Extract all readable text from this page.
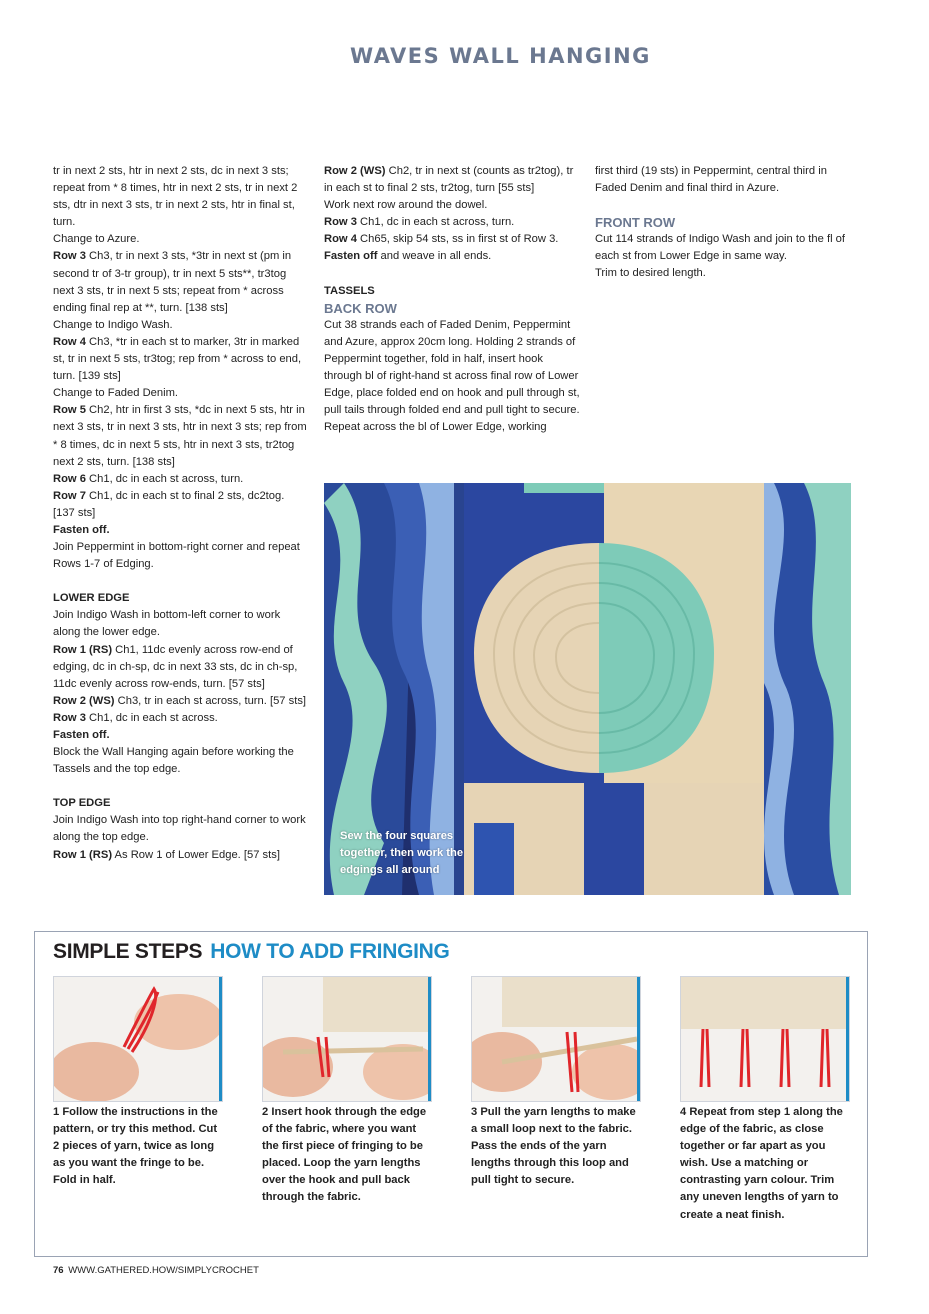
WAVES WALL HANGING

tr in next 2 sts, htr in next 2 sts, dc in next 3 sts; repeat from * 8 times, htr in next 2 sts, tr in next 2 sts, dtr in next 3 sts, tr in next 2 sts, htr in final st, turn.

Change to Azure.

Row 3 Ch3, tr in next 3 sts, *3tr in next st (pm in second tr of 3-tr group), tr in next 5 sts**, tr3tog next 3 sts, tr in next 5 sts; repeat from * across ending final rep at **, turn. [138 sts]

Change to Indigo Wash.

Row 4 Ch3, *tr in each st to marker, 3tr in marked st, tr in next 5 sts, tr3tog; rep from * across to end, turn. [139 sts]

Change to Faded Denim.

Row 5 Ch2, htr in first 3 sts, *dc in next 5 sts, htr in next 3 sts, tr in next 3 sts, htr in next 3 sts; rep from * 8 times, dc in next 5 sts, htr in next 3 sts, tr2tog next 2 sts, turn. [138 sts]

Row 6 Ch1, dc in each st across, turn.

Row 7 Ch1, dc in each st to final 2 sts, dc2tog. [137 sts]

Fasten off.

Join Peppermint in bottom-right corner and repeat Rows 1-7 of Edging.

LOWER EDGE

Join Indigo Wash in bottom-left corner to work along the lower edge.

Row 1 (RS) Ch1, 11dc evenly across row-end of edging, dc in ch-sp, dc in next 33 sts, dc in ch-sp, 11dc evenly across row-ends, turn. [57 sts]

Row 2 (WS) Ch3, tr in each st across, turn. [57 sts]

Row 3 Ch1, dc in each st across.

Fasten off.

Block the Wall Hanging again before working the Tassels and the top edge.

TOP EDGE

Join Indigo Wash into top right-hand corner to work along the top edge.

Row 1 (RS) As Row 1 of Lower Edge. [57 sts]

Row 2 (WS) Ch2, tr in next st (counts as tr2tog), tr in each st to final 2 sts, tr2tog, turn [55 sts]

Work next row around the dowel.

Row 3 Ch1, dc in each st across, turn.

Row 4 Ch65, skip 54 sts, ss in first st of Row 3.

Fasten off and weave in all ends.

TASSELS

BACK ROW

Cut 38 strands each of Faded Denim, Peppermint and Azure, approx 20cm long. Holding 2 strands of Peppermint together, fold in half, insert hook through bl of right-hand st across final row of Lower Edge, place folded end on hook and pull through st, pull tails through folded end and pull tight to secure. Repeat across the bl of Lower Edge, working

first third (19 sts) in Peppermint, central third in Faded Denim and final third in Azure.

FRONT ROW

Cut 114 strands of Indigo Wash and join to the fl of each st from Lower Edge in same way.

Trim to desired length.

Sew the four squares together, then work the edgings all around
SIMPLE STEPS HOW TO ADD FRINGING
1 Follow the instructions in the pattern, or try this method. Cut 2 pieces of yarn, twice as long as you want the fringe to be. Fold in half.
2 Insert hook through the edge of the fabric, where you want the first piece of fringing to be placed. Loop the yarn lengths over the hook and pull back through the fabric.
3 Pull the yarn lengths to make a small loop next to the fabric. Pass the ends of the yarn lengths through this loop and pull tight to secure.
4 Repeat from step 1 along the edge of the fabric, as close together or far apart as you wish. Use a matching or contrasting yarn colour. Trim any uneven lengths of yarn to create a neat finish.
76 WWW.GATHERED.HOW/SIMPLYCROCHET
